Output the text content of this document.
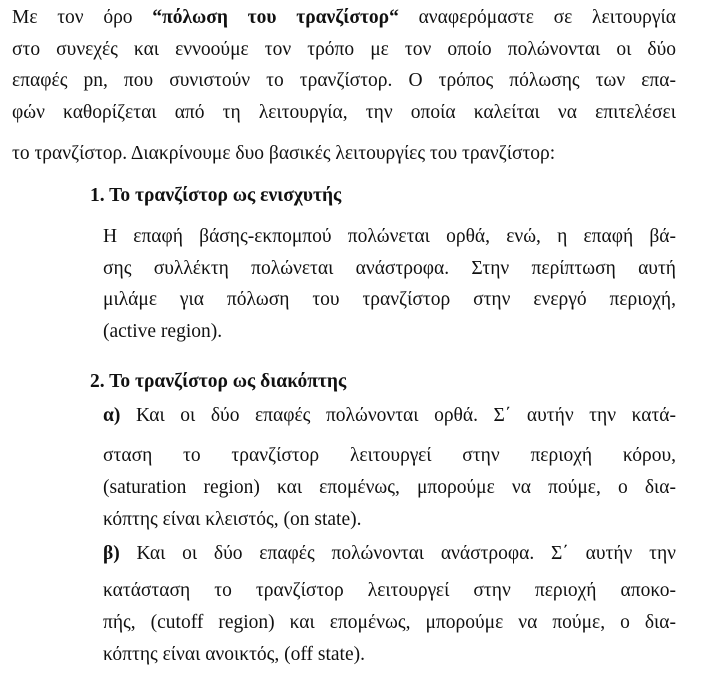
Με τον όρο “πόλωση του τρανζίστορ“ αναφερόμαστε σε λειτουργία
στο συνεχές και εννοούμε τον τρόπο με τον οποίο πολώνονται οι δύο
επαφές pn, που συνιστούν το τρανζίστορ. Ο τρόπος πόλωσης των επα-
φών καθορίζεται από τη λειτουργία, την οποία καλείται να επιτελέσει
το τρανζίστορ. Διακρίνουμε δυο βασικές λειτουργίες του τρανζίστορ:
1. Το τρανζίστορ ως ενισχυτής
Η επαφή βάσης-εκπομπού πολώνεται ορθά, ενώ, η επαφή βά-
σης συλλέκτη πολώνεται ανάστροφα. Στην περίπτωση αυτή
μιλάμε για πόλωση του τρανζίστορ στην ενεργό περιοχή,
(active region).
2. Το τρανζίστορ ως διακόπτης
α) Και οι δύο επαφές πολώνονται ορθά. Σ΄ αυτήν την κατά-
σταση το τρανζίστορ λειτουργεί στην περιοχή κόρου,
(saturation region) και επομένως, μπορούμε να πούμε, ο δια-
κόπτης είναι κλειστός, (on state).
β) Και οι δύο επαφές πολώνονται ανάστροφα. Σ΄ αυτήν την
κατάσταση το τρανζίστορ λειτουργεί στην περιοχή αποκο-
πής, (cutoff region) και επομένως, μπορούμε να πούμε, ο δια-
κόπτης είναι ανοικτός, (off state).
